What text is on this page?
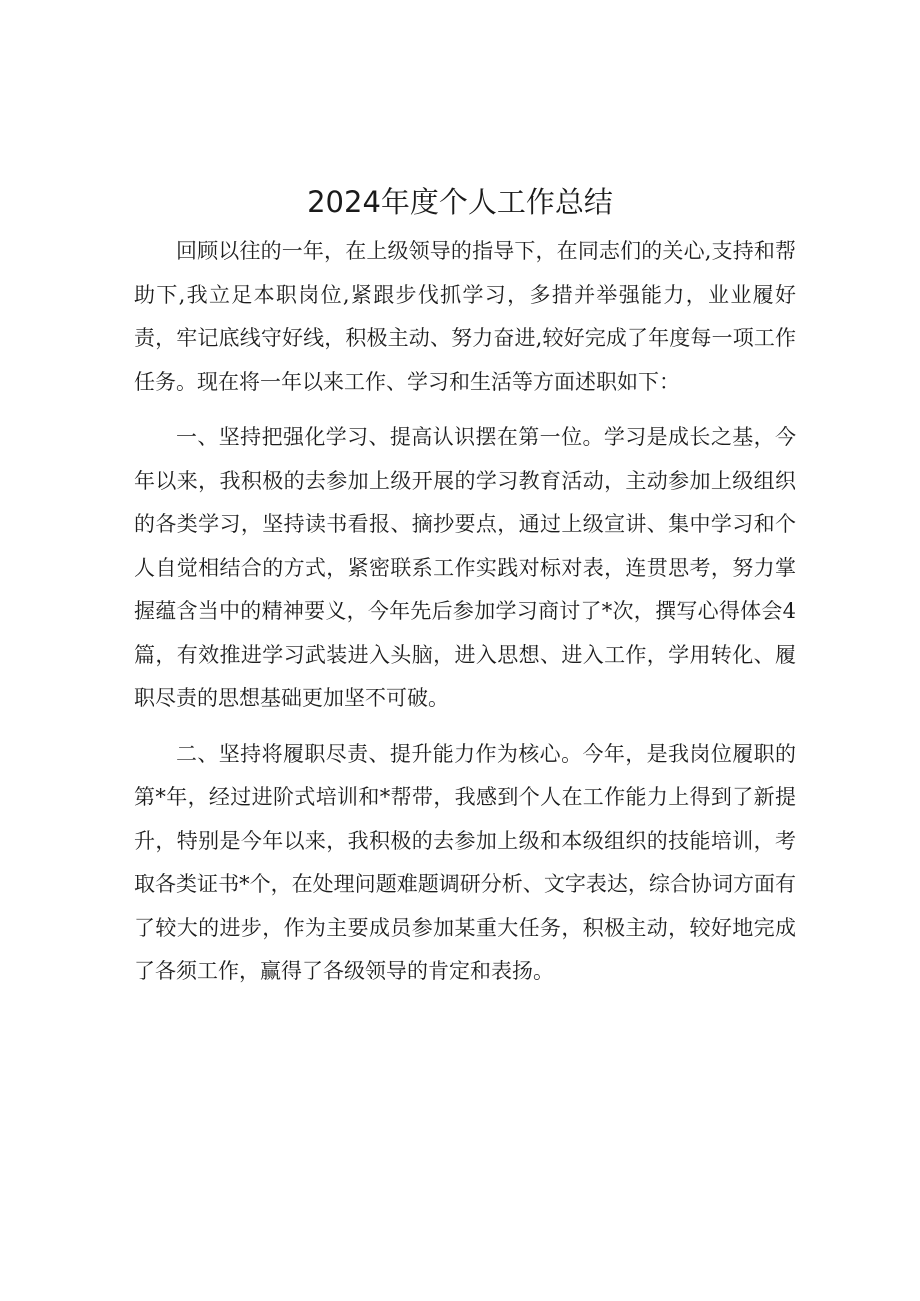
2024年度个人工作总结

回顾以往的一年，在上级领导的指导下，在同志们的关心,支持和帮助下,我立足本职岗位,紧跟步伐抓学习，多措并举强能力，业业履好责，牢记底线守好线，积极主动、努力奋进,较好完成了年度每一项工作任务。现在将一年以来工作、学习和生活等方面述职如下：

一、坚持把强化学习、提高认识摆在第一位。学习是成长之基，今年以来，我积极的去参加上级开展的学习教育活动，主动参加上级组织的各类学习，坚持读书看报、摘抄要点，通过上级宣讲、集中学习和个人自觉相结合的方式，紧密联系工作实践对标对表，连贯思考，努力掌握蕴含当中的精神要义，今年先后参加学习商讨了*次，撰写心得体会4篇，有效推进学习武装进入头脑，进入思想、进入工作，学用转化、履职尽责的思想基础更加坚不可破。

二、坚持将履职尽责、提升能力作为核心。今年，是我岗位履职的第*年，经过进阶式培训和*帮带，我感到个人在工作能力上得到了新提升，特别是今年以来，我积极的去参加上级和本级组织的技能培训，考取各类证书*个，在处理问题难题调研分析、文字表达，综合协词方面有了较大的进步，作为主要成员参加某重大任务，积极主动，较好地完成了各须工作，赢得了各级领导的肯定和表扬。
